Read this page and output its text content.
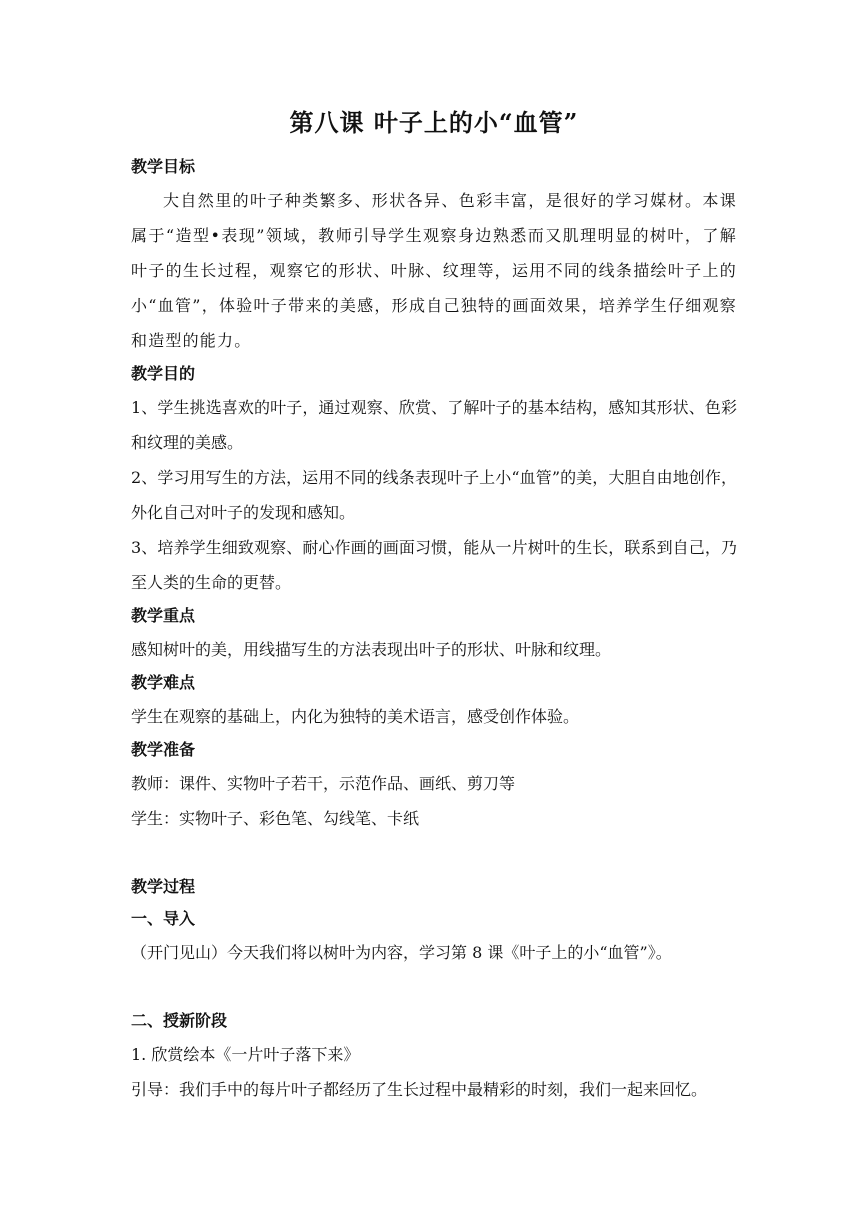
第八课 叶子上的小“血管”

教学目标

大自然里的叶子种类繁多、形状各异、色彩丰富，是很好的学习媒材。本课属于“造型•表现”领域，教师引导学生观察身边熟悉而又肌理明显的树叶，了解叶子的生长过程，观察它的形状、叶脉、纹理等，运用不同的线条描绘叶子上的小“血管”，体验叶子带来的美感，形成自己独特的画面效果，培养学生仔细观察和造型的能力。

教学目的

1、学生挑选喜欢的叶子，通过观察、欣赏、了解叶子的基本结构，感知其形状、色彩和纹理的美感。

2、学习用写生的方法，运用不同的线条表现叶子上小“血管”的美，大胆自由地创作，外化自己对叶子的发现和感知。

3、培养学生细致观察、耐心作画的画面习惯，能从一片树叶的生长，联系到自己，乃至人类的生命的更替。

教学重点

感知树叶的美，用线描写生的方法表现出叶子的形状、叶脉和纹理。

教学难点

学生在观察的基础上，内化为独特的美术语言，感受创作体验。

教学准备

教师：课件、实物叶子若干，示范作品、画纸、剪刀等

学生：实物叶子、彩色笔、勾线笔、卡纸

教学过程

一、导入

（开门见山）今天我们将以树叶为内容，学习第 8 课《叶子上的小“血管”》。

二、授新阶段

1. 欣赏绘本《一片叶子落下来》

引导：我们手中的每片叶子都经历了生长过程中最精彩的时刻，我们一起来回忆。
